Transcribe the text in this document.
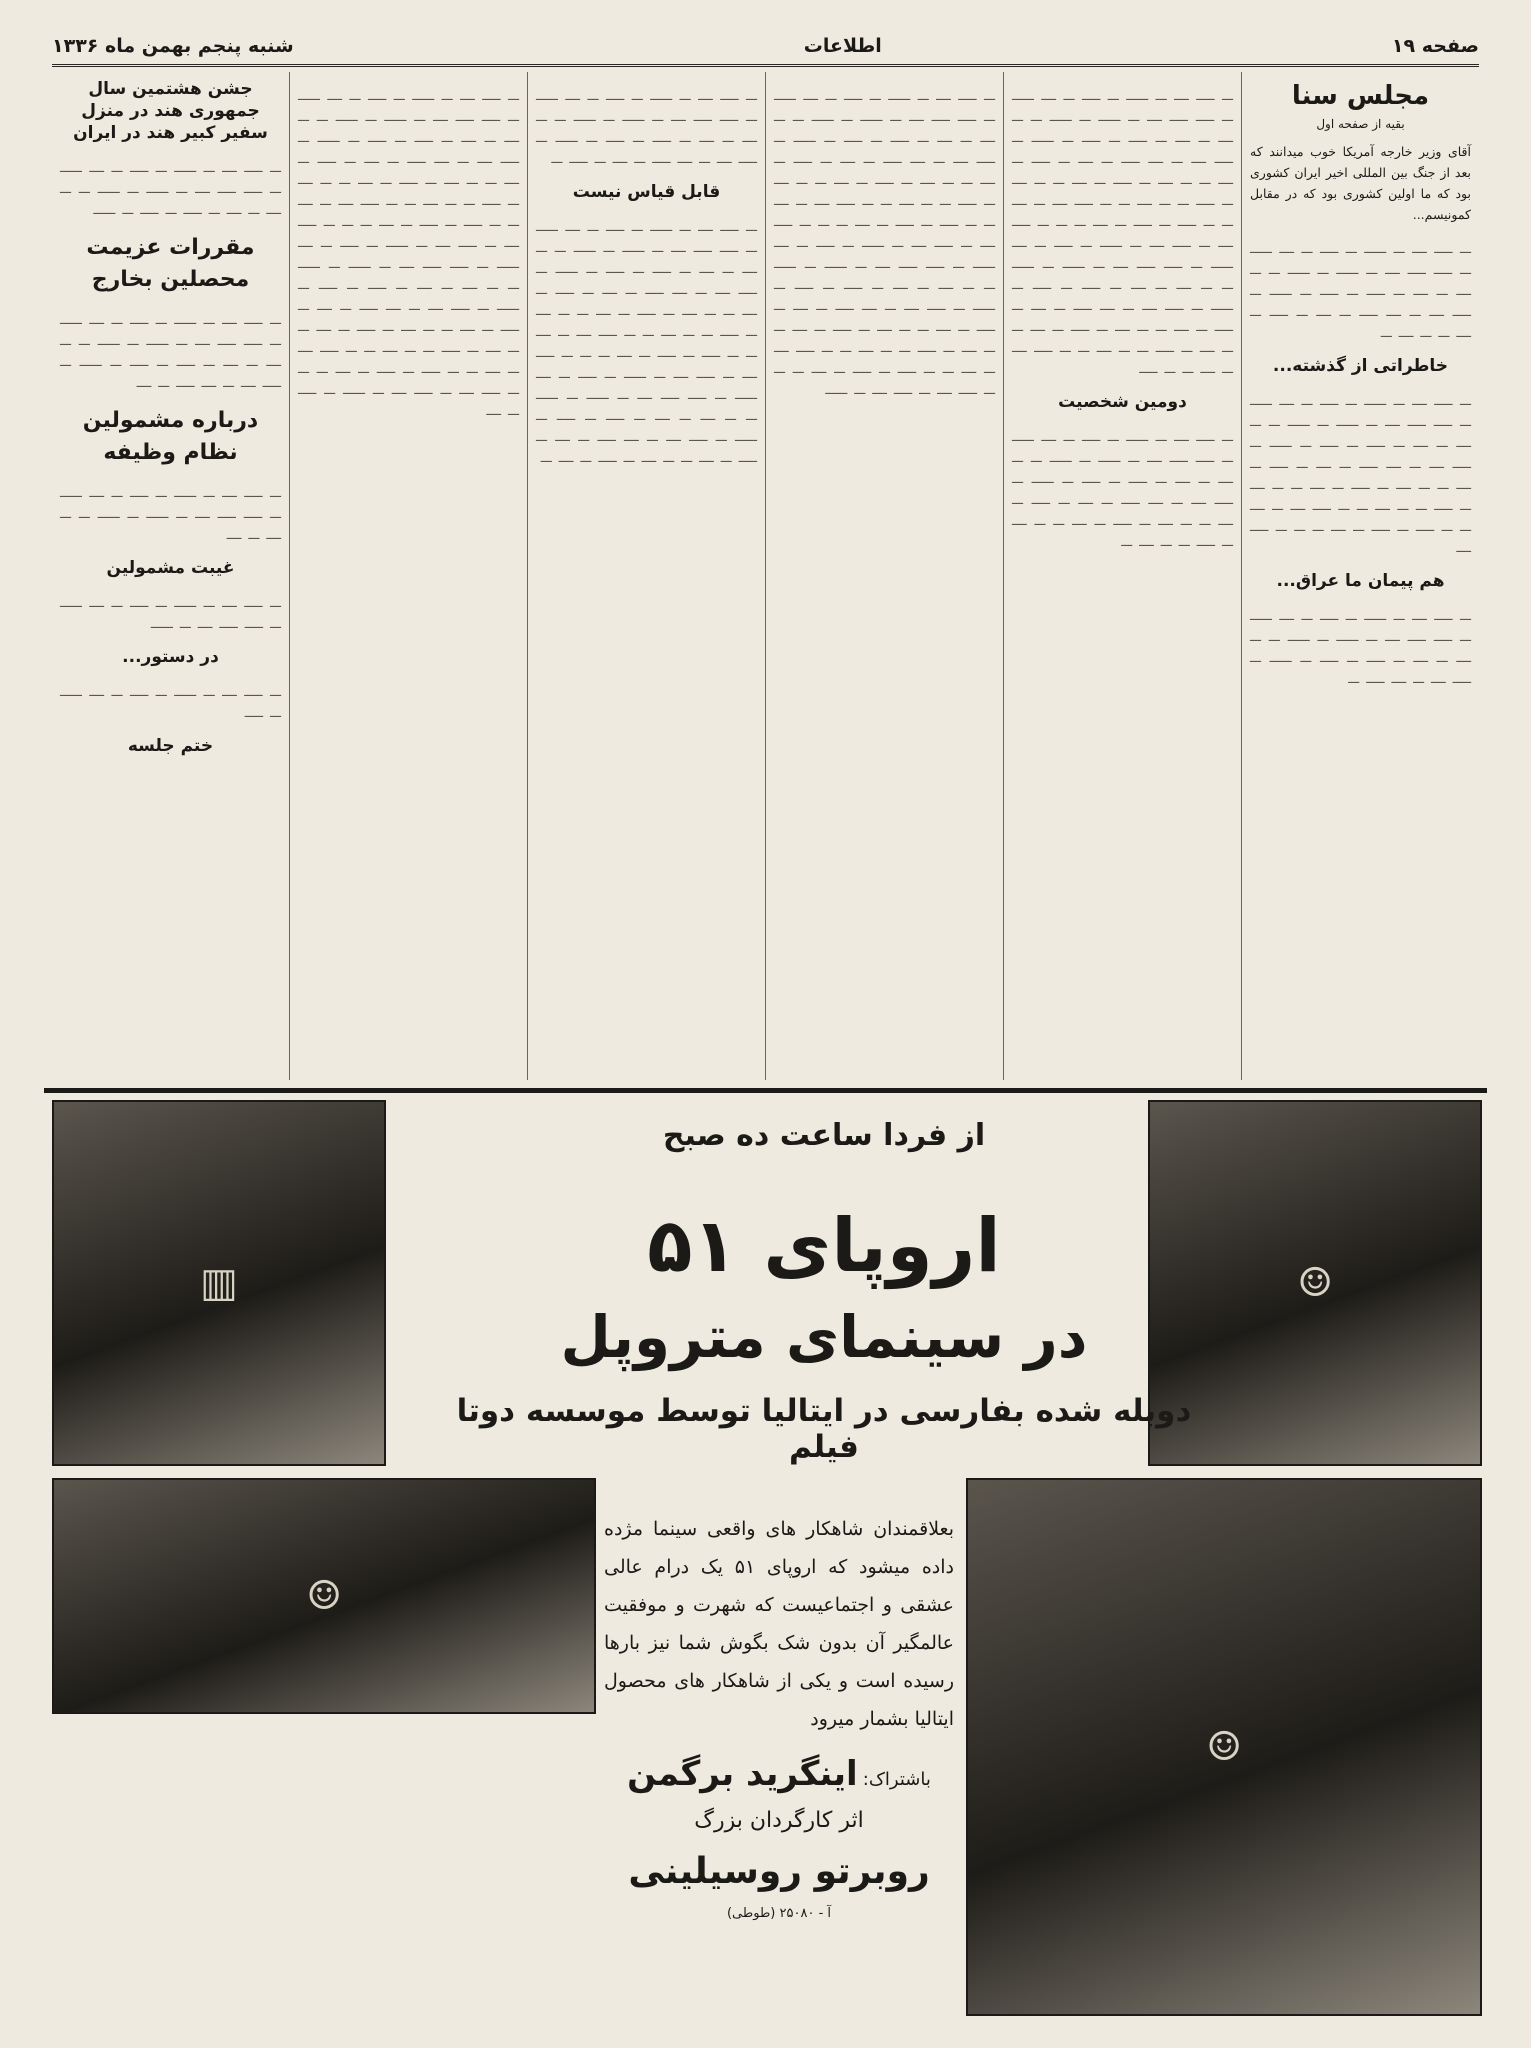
صفحه ۱۹
اطلاعات
شنبه پنجم بهمن ماه ۱۳۳۶
مجلس سنا
بقیه از صفحه اول

آقای وزیر خارجه آمریکا خوب میدانند که بعد از جنگ بین المللی اخیر ایران کشوری بود که ما اولین کشوری بود که در مقابل کمونیسم...

ـــ ـــــ ــــ ـــ ــــــ ـــ ـــــ ـــ ــــ ــــــ ـــ ـــــ ـــــ ــــ ـــ ــــــ ـــ ــــــ ـــ ـــ ــــ ـــ ــــ ـــ ـــــ ـــ ـــــ ـــ ــــــ ـــ ـــــ ــــ ـــ ــــ ـــــ ـــ ــــ ـــ ـــــ ـــ ــــ ـــ ـــ ــــ ـــ

خاطراتی از گذشته...

ـــ ـــــ ــــ ـــ ــــــ ـــ ـــــ ـــ ــــ ــــــ ـــ ـــــ ـــــ ــــ ـــ ــــــ ـــ ــــــ ـــ ـــ ــــ ـــ ــــ ـــ ـــــ ـــ ـــــ ـــ ــــــ ـــ ـــــ ــــ ـــ ــــ ـــــ ـــ ــــ ـــ ـــــ ـــ ــــ ـــ ـــ ــــ ـــ ـــــ ـــ ــــ ـــ ـــ ــــ ـــ ـــــ ـــ ـــ ــــ ـــ ـــ ـــــ ــــ ـــ ــــ ـــ ـــ ـــــ ـــ ـــــ ـــ ــــ ـــ ـــ ـــ ـــــ ــــ

هم پیمان ما عراق...

ـــ ـــــ ــــ ـــ ــــــ ـــ ـــــ ـــ ــــ ــــــ ـــ ـــــ ـــــ ــــ ـــ ــــــ ـــ ــــــ ـــ ـــ ــــ ـــ ــــ ـــ ـــــ ـــ ـــــ ـــ ــــــ ـــ ـــــ ــــ ـــ ــــ ـــــ ـــ

ـــ ـــــ ــــ ـــ ــــــ ـــ ـــــ ـــ ــــ ــــــ ـــ ـــــ ـــــ ــــ ـــ ــــــ ـــ ــــــ ـــ ـــ ــــ ـــ ــــ ـــ ـــــ ـــ ـــــ ـــ ــــــ ـــ ـــــ ــــ ـــ ــــ ـــــ ـــ ــــ ـــ ـــــ ـــ ــــ ـــ ـــ ــــ ـــ ـــــ ـــ ــــ ـــ ـــ ــــ ـــ ـــــ ـــ ـــ ــــ ـــ ـــ ـــــ ــــ ـــ ــــ ـــ ـــ ـــــ ـــ ـــــ ـــ ــــ ـــ ـــ ـــ ـــــ ــــ ـــ ـــــ ــــ ـــ ــــــ ـــ ـــــ ـــ ــــ ــــــ ـــ ـــــ ـــــ ــــ ـــ ــــــ ـــ ــــــ ـــ ـــ ــــ ـــ ــــ ـــ ـــــ ـــ ـــــ ـــ ــــــ ـــ ـــــ ــــ ـــ ــــ ـــــ ـــ ــــ ـــ ـــــ ـــ ــــ ـــ ـــ ــــ ـــ ـــــ ـــ ــــ ـــ ـــ ــــ ـــ ـــــ ـــ ـــ ــــ ـــ ـــ ـــــ ــــ ـــ ــــ ـــ ـــ ـــــ

دومین شخصیت

ـــ ـــــ ــــ ـــ ــــــ ـــ ـــــ ـــ ــــ ــــــ ـــ ـــــ ـــــ ــــ ـــ ــــــ ـــ ــــــ ـــ ـــ ــــ ـــ ــــ ـــ ـــــ ـــ ـــــ ـــ ــــــ ـــ ـــــ ــــ ـــ ــــ ـــــ ـــ ــــ ـــ ـــــ ـــ ــــ ـــ ـــ ــــ ـــ ـــــ ـــ ــــ ـــ ـــ ــــ ـــ ـــــ ـــ ـــ ــــ ـــ

ـــ ـــــ ــــ ـــ ــــــ ـــ ـــــ ـــ ــــ ــــــ ـــ ـــــ ـــــ ــــ ـــ ــــــ ـــ ــــــ ـــ ـــ ــــ ـــ ــــ ـــ ـــــ ـــ ـــــ ـــ ــــــ ـــ ـــــ ــــ ـــ ــــ ـــــ ـــ ــــ ـــ ـــــ ـــ ــــ ـــ ـــ ــــ ـــ ـــــ ـــ ــــ ـــ ـــ ــــ ـــ ـــــ ـــ ـــ ــــ ـــ ـــ ـــــ ــــ ـــ ــــ ـــ ـــ ـــــ ـــ ـــــ ـــ ــــ ـــ ـــ ـــ ـــــ ــــ ـــ ـــــ ــــ ـــ ــــــ ـــ ـــــ ـــ ــــ ــــــ ـــ ـــــ ـــــ ــــ ـــ ــــــ ـــ ــــــ ـــ ـــ ــــ ـــ ــــ ـــ ـــــ ـــ ـــــ ـــ ــــــ ـــ ـــــ ــــ ـــ ــــ ـــــ ـــ ــــ ـــ ـــــ ـــ ــــ ـــ ـــ ــــ ـــ ـــــ ـــ ــــ ـــ ـــ ــــ ـــ ـــــ ـــ ـــ ــــ ـــ ـــ ـــــ ــــ ـــ ــــ ـــ ـــ ـــــ ـــ ـــــ ـــ ــــ ـــ ـــ ـــ ـــــ ــــ ـــ ـــــ ــــ ـــ ــــــ

ـــ ـــــ ــــ ـــ ــــــ ـــ ـــــ ـــ ــــ ــــــ ـــ ـــــ ـــــ ــــ ـــ ــــــ ـــ ــــــ ـــ ـــ ــــ ـــ ــــ ـــ ـــــ ـــ ـــــ ـــ ــــــ ـــ ـــــ ــــ ـــ ــــ ـــــ ـــ ــــ ـــ ـــــ ـــ

قابل قیاس نیست

ـــ ـــــ ــــ ـــ ــــــ ـــ ـــــ ـــ ــــ ــــــ ـــ ـــــ ـــــ ــــ ـــ ــــــ ـــ ــــــ ـــ ـــ ــــ ـــ ــــ ـــ ـــــ ـــ ـــــ ـــ ــــــ ـــ ـــــ ــــ ـــ ــــ ـــــ ـــ ــــ ـــ ـــــ ـــ ــــ ـــ ـــ ــــ ـــ ـــــ ـــ ــــ ـــ ـــ ــــ ـــ ـــــ ـــ ـــ ــــ ـــ ـــ ـــــ ــــ ـــ ــــ ـــ ـــ ـــــ ـــ ـــــ ـــ ــــ ـــ ـــ ـــ ـــــ ــــ ـــ ـــــ ــــ ـــ ــــــ ـــ ـــــ ـــ ــــ ــــــ ـــ ـــــ ـــــ ــــ ـــ ــــــ ـــ ــــــ ـــ ـــ ــــ ـــ ــــ ـــ ـــــ ـــ ـــــ ـــ ــــــ ـــ ـــــ ــــ ـــ ــــ ـــــ ـــ ــــ ـــ ـــــ ـــ ــــ ـــ ـــ ــــ ـــ ـــــ ـــ ــــ ـــ

ـــ ـــــ ــــ ـــ ــــــ ـــ ـــــ ـــ ــــ ــــــ ـــ ـــــ ـــــ ــــ ـــ ــــــ ـــ ــــــ ـــ ـــ ــــ ـــ ــــ ـــ ـــــ ـــ ـــــ ـــ ــــــ ـــ ـــــ ــــ ـــ ــــ ـــــ ـــ ــــ ـــ ـــــ ـــ ــــ ـــ ـــ ــــ ـــ ـــــ ـــ ــــ ـــ ـــ ــــ ـــ ـــــ ـــ ـــ ــــ ـــ ـــ ـــــ ــــ ـــ ــــ ـــ ـــ ـــــ ـــ ـــــ ـــ ــــ ـــ ـــ ـــ ـــــ ــــ ـــ ـــــ ــــ ـــ ــــــ ـــ ـــــ ـــ ــــ ــــــ ـــ ـــــ ـــــ ــــ ـــ ــــــ ـــ ــــــ ـــ ـــ ــــ ـــ ــــ ـــ ـــــ ـــ ـــــ ـــ ــــــ ـــ ـــــ ــــ ـــ ــــ ـــــ ـــ ــــ ـــ ـــــ ـــ ــــ ـــ ـــ ــــ ـــ ـــــ ـــ ــــ ـــ ـــ ــــ ـــ ـــــ ـــ ـــ ــــ ـــ ـــ ـــــ ــــ ـــ ــــ ـــ ـــ ـــــ ـــ ـــــ ـــ ــــ ـــ ـــ ـــ ـــــ ــــ ـــ ـــــ ــــ ـــ ــــــ ـــ ـــــ ـــ ــــ

جشن هشتمین سال جمهوری هند در منزل سفیر کبیر هند در ایران

ـــ ـــــ ــــ ـــ ــــــ ـــ ـــــ ـــ ــــ ــــــ ـــ ـــــ ـــــ ــــ ـــ ــــــ ـــ ــــــ ـــ ـــ ــــ ـــ ــــ ـــ ـــــ ـــ ـــــ ـــ ــــــ

مقررات عزیمت محصلین بخارج

ـــ ـــــ ــــ ـــ ــــــ ـــ ـــــ ـــ ــــ ــــــ ـــ ـــــ ـــــ ــــ ـــ ــــــ ـــ ــــــ ـــ ـــ ــــ ـــ ــــ ـــ ـــــ ـــ ـــــ ـــ ــــــ ـــ ـــــ ــــ ـــ ــــ ـــــ ـــ ــــ

درباره مشمولین نظام وظیفه

ـــ ـــــ ــــ ـــ ــــــ ـــ ـــــ ـــ ــــ ــــــ ـــ ـــــ ـــــ ــــ ـــ ــــــ ـــ ــــــ ـــ ـــ ــــ ـــ ــــ

غیبت مشمولین

ـــ ـــــ ــــ ـــ ــــــ ـــ ـــــ ـــ ــــ ــــــ ـــ ـــــ ـــــ ــــ ـــ ــــــ

در دستور...

ـــ ـــــ ــــ ـــ ــــــ ـــ ـــــ ـــ ــــ ــــــ ـــ ـــــ

ختم جلسه
▥	☺
☺
☺
از فردا ساعت ده صبح
اروپای ۵۱
در سینمای متروپل
دوبله شده بفارسی در ایتالیا توسط موسسه دوتا فیلم
بعلاقمندان شاهکار های واقعی سینما مژده داده میشود که اروپای ۵۱ یک درام عالی عشقی و اجتماعیست که شهرت و موفقیت عالمگیر آن بدون شک بگوش شما نیز بارها رسیده است و یکی از شاهکار های محصول ایتالیا بشمار میرود
باشتراک: اینگرید برگمن
اثر کارگردان بزرگ
روبرتو روسیلینی
آ - ۲۵۰۸۰ (طوطی)
